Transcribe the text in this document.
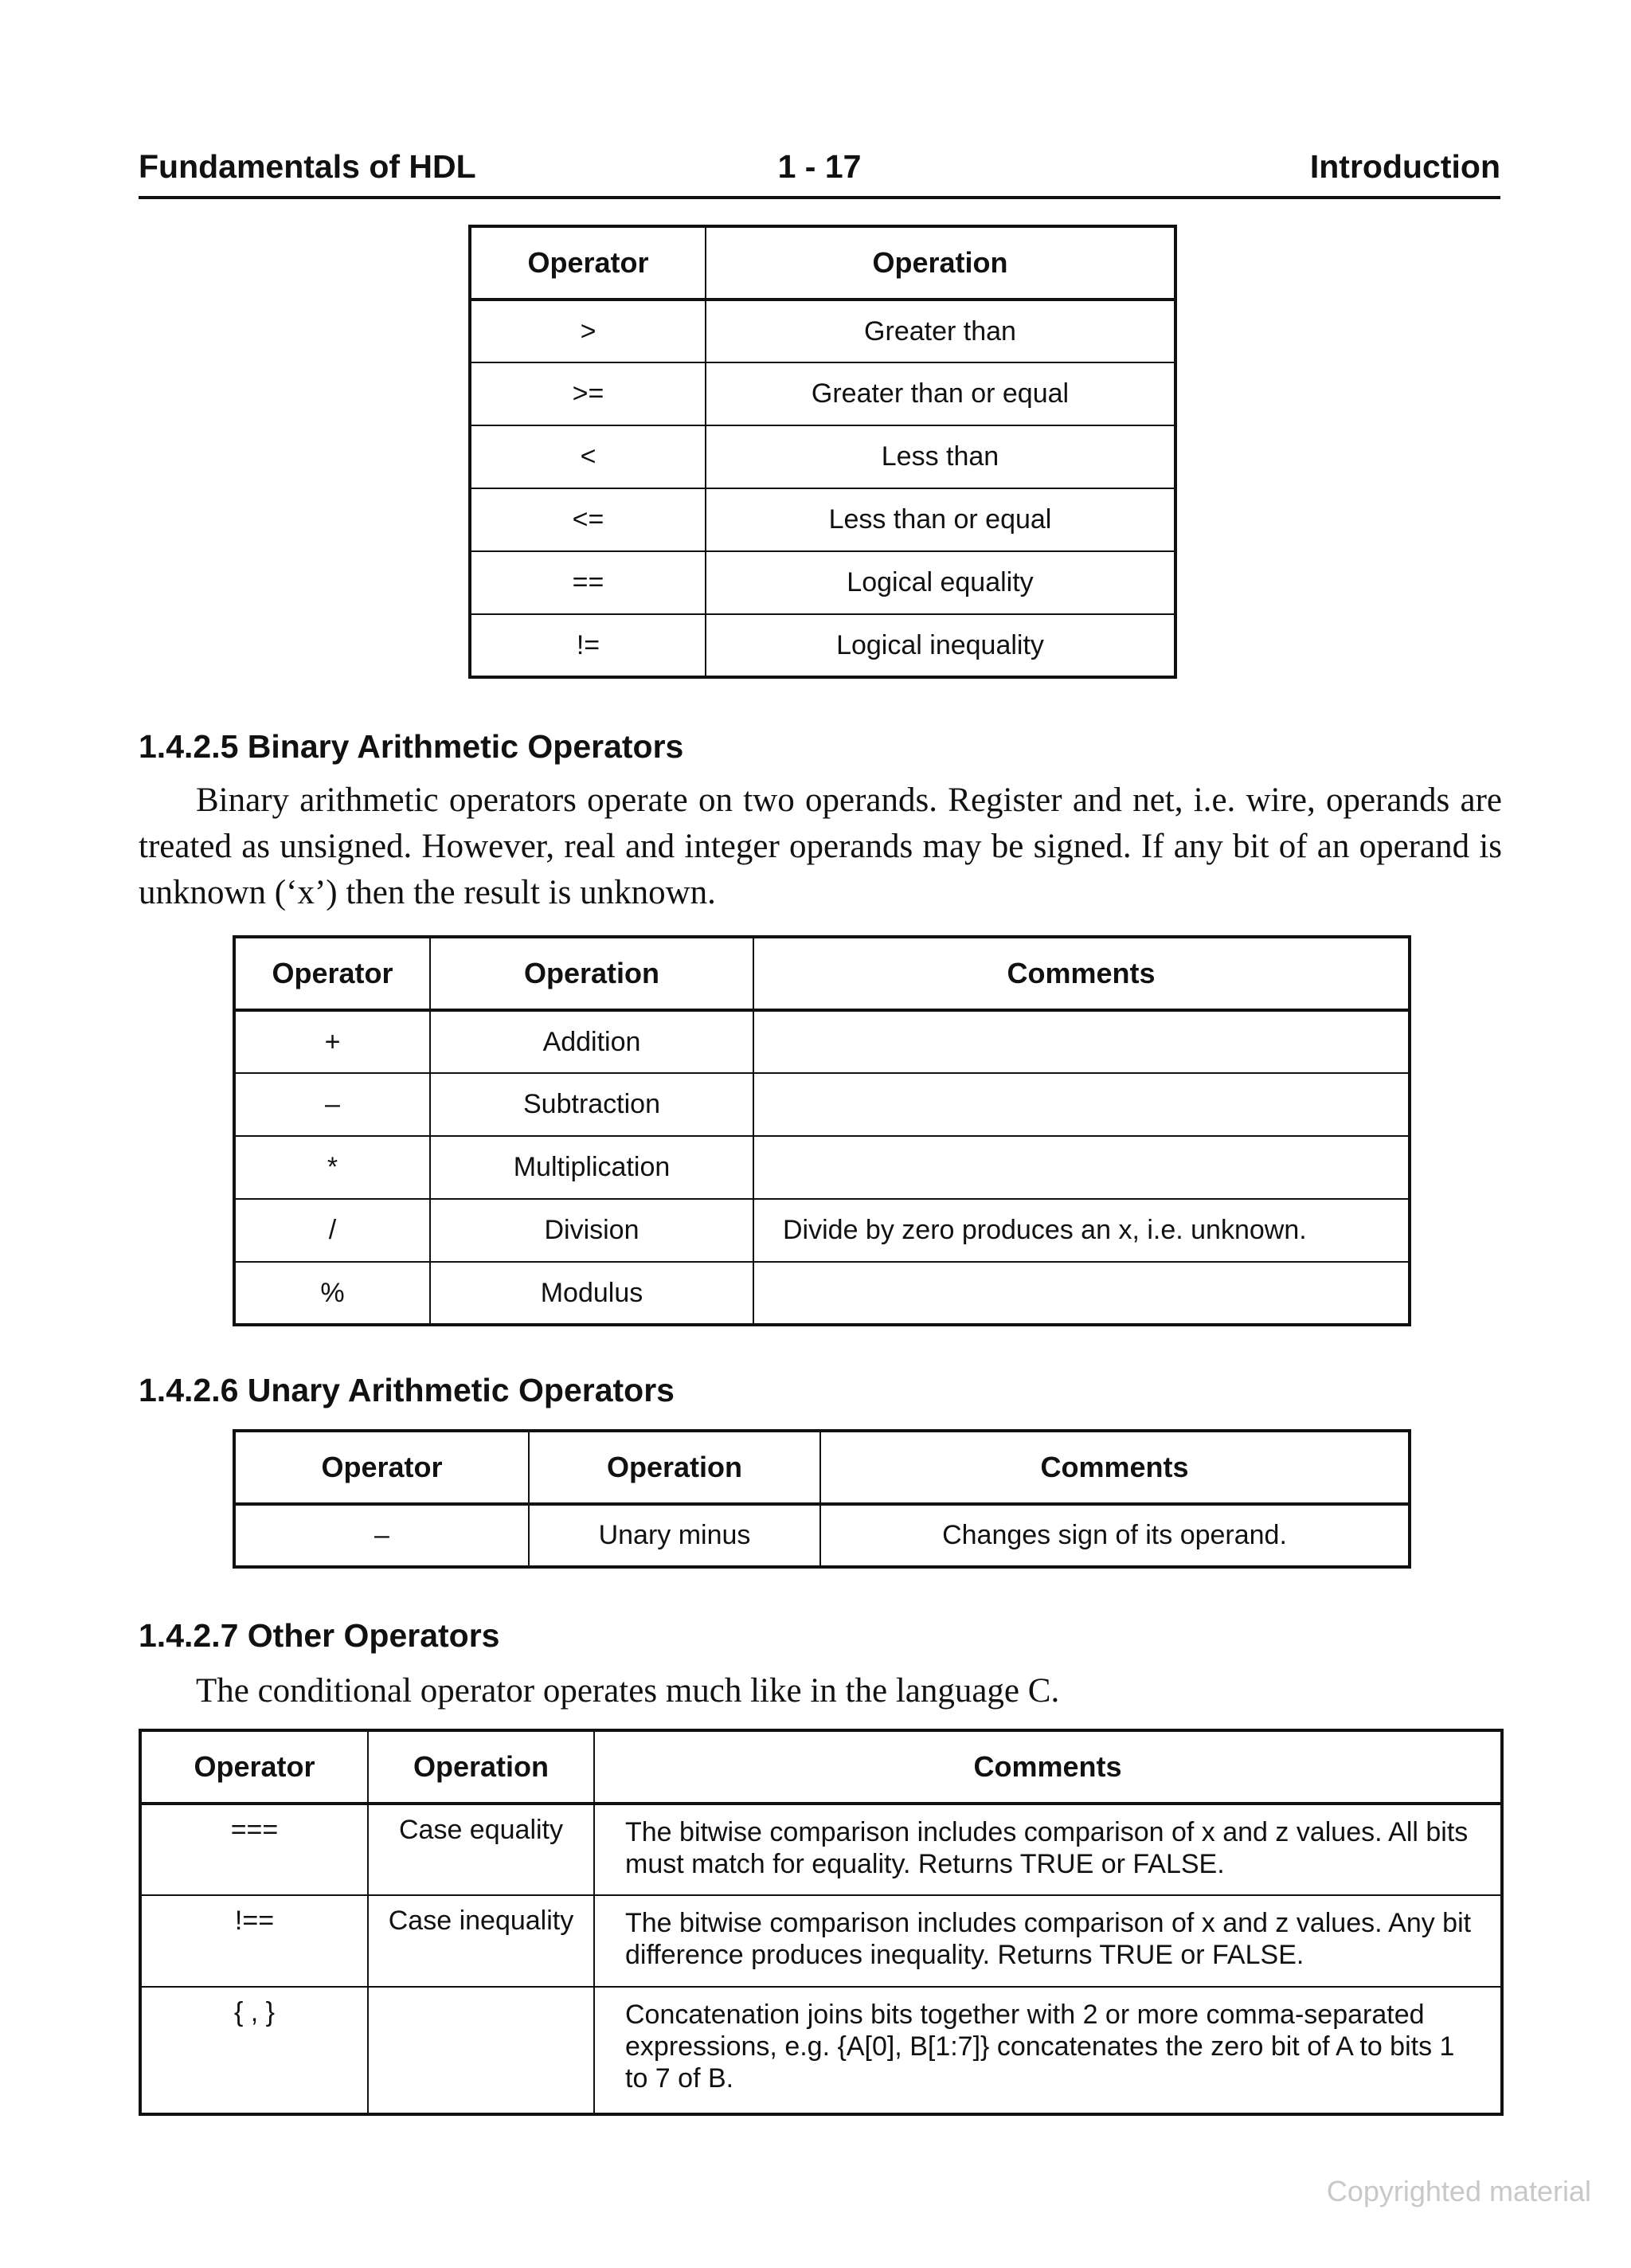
Fundamentals of HDL	1 - 17	Introduction
Operator	Operation
>	Greater than
>=	Greater than or equal
<	Less than
<=	Less than or equal
==	Logical equality
!=	Logical inequality
1.4.2.5 Binary Arithmetic Operators
Binary arithmetic operators operate on two operands. Register and net, i.e. wire, operands are treated as unsigned. However, real and integer operands may be signed. If any bit of an operand is unknown (‘x’) then the result is unknown.
Operator	Operation	Comments
+	Addition	
–	Subtraction	
*	Multiplication	
/	Division	Divide by zero produces an x, i.e. unknown.
%	Modulus	
1.4.2.6 Unary Arithmetic Operators
Operator	Operation	Comments
–	Unary minus	Changes sign of its operand.
1.4.2.7 Other Operators
The conditional operator operates much like in the language C.
Operator	Operation	Comments
===	Case equality	The bitwise comparison includes comparison of x and z values. All bits must match for equality. Returns TRUE or FALSE.
!==	Case inequality	The bitwise comparison includes comparison of x and z values. Any bit difference produces inequality. Returns TRUE or FALSE.
{ , }		Concatenation joins bits together with 2 or more comma-separated expressions, e.g. {A[0], B[1:7]} concatenates the zero bit of A to bits 1 to 7 of B.
Copyrighted material
